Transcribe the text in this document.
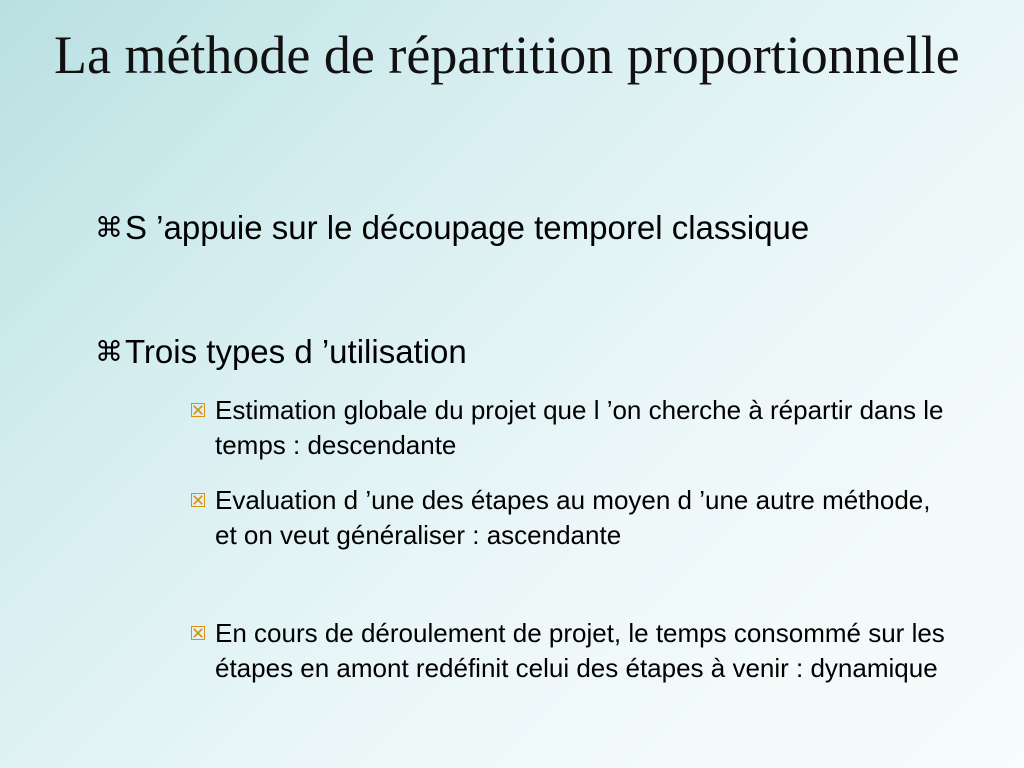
La méthode de répartition proportionnelle
⌘ S ’appuie sur le découpage temporel classique
⌘ Trois types d ’utilisation
Estimation globale du projet que l ’on cherche à répartir dans le temps : descendante
Evaluation d ’une des étapes au moyen d ’une autre méthode, et on veut généraliser : ascendante
En cours de déroulement de projet, le temps consommé sur les étapes en amont redéfinit celui des étapes à venir : dynamique
